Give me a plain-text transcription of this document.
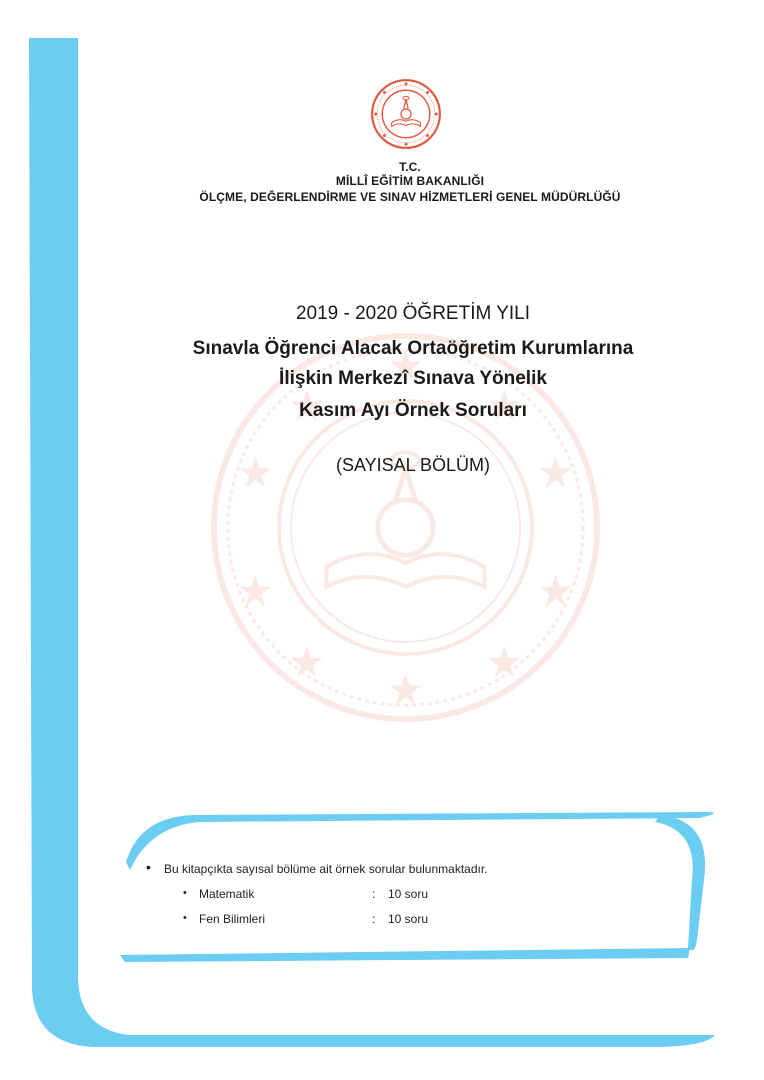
T.C.
MİLLÎ EĞİTİM BAKANLIĞI
ÖLÇME, DEĞERLENDİRME VE SINAV HİZMETLERİ GENEL MÜDÜRLÜĞÜ
2019 - 2020 ÖĞRETİM YILI
Sınavla Öğrenci Alacak Ortaöğretim Kurumlarına
İlişkin Merkezî Sınava Yönelik
Kasım Ayı Örnek Soruları
(SAYISAL BÖLÜM)
• Bu kitapçıkta sayısal bölüme ait örnek sorular bulunmaktadır.
• Matematik	: 10 soru
• Fen Bilimleri	: 10 soru
